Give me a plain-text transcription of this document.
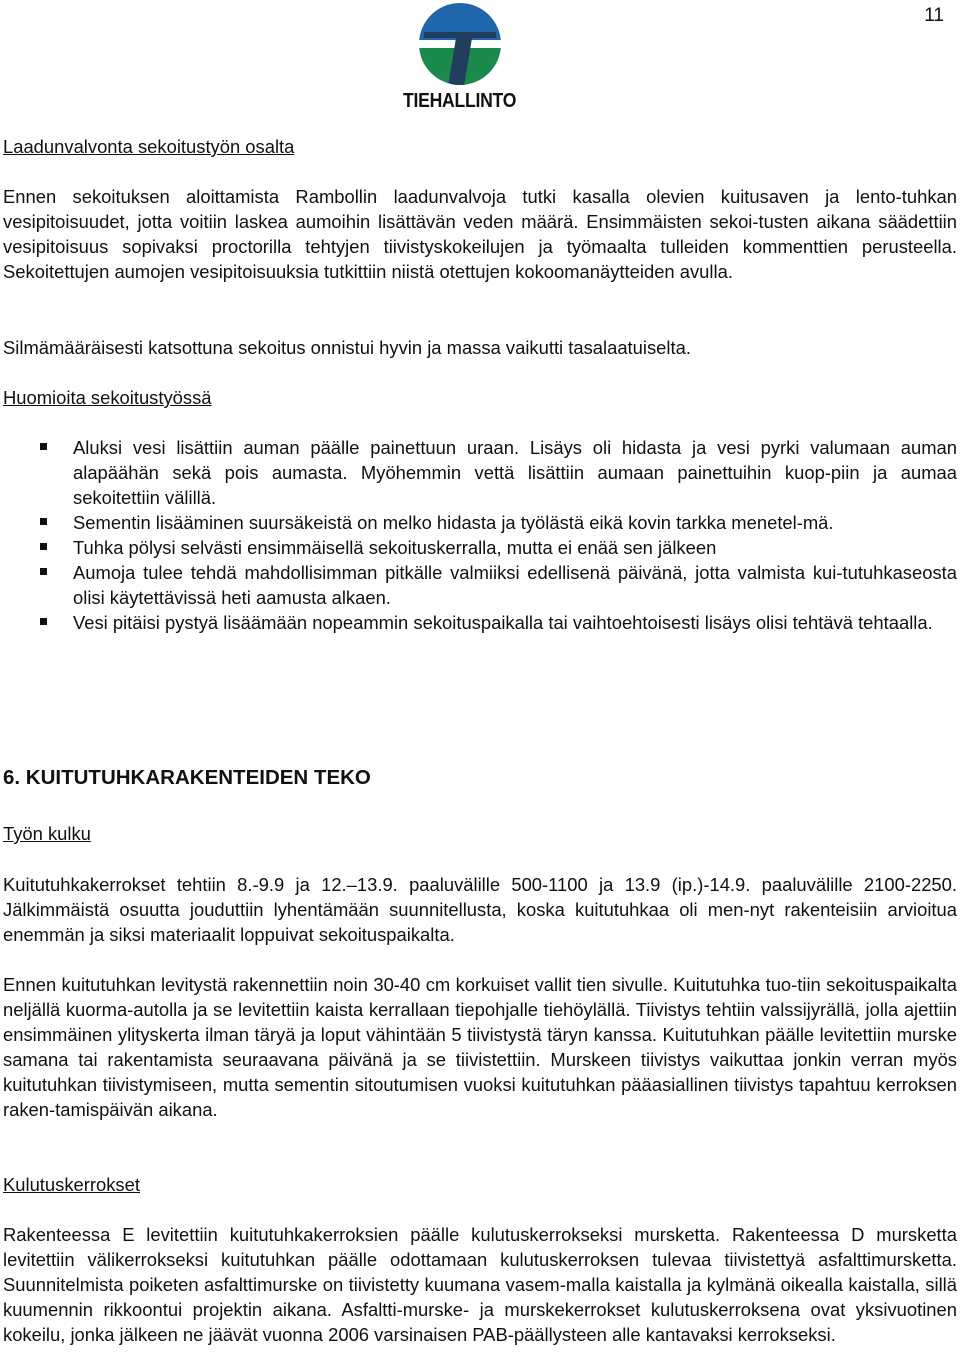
11
TIEHALLINTO
Laadunvalvonta sekoitustyön osalta

Ennen sekoituksen aloittamista Rambollin laadunvalvoja tutki kasalla olevien kuitusaven ja lento-tuhkan vesipitoisuudet, jotta voitiin laskea aumoihin lisättävän veden määrä. Ensimmäisten sekoi-tusten aikana säädettiin vesipitoisuus sopivaksi proctorilla tehtyjen tiivistyskokeilujen ja työmaalta tulleiden kommenttien perusteella. Sekoitettujen aumojen vesipitoisuuksia tutkittiin niistä otettujen kokoomanäytteiden avulla.

Silmämääräisesti katsottuna sekoitus onnistui hyvin ja massa vaikutti tasalaatuiselta.

Huomioita sekoitustyössä
Aluksi vesi lisättiin auman päälle painettuun uraan. Lisäys oli hidasta ja vesi pyrki valumaan auman alapäähän sekä pois aumasta. Myöhemmin vettä lisättiin aumaan painettuihin kuop-piin ja aumaa sekoitettiin välillä.
Sementin lisääminen suursäkeistä on melko hidasta ja työlästä eikä kovin tarkka menetel-mä.
Tuhka pölysi selvästi ensimmäisellä sekoituskerralla, mutta ei enää sen jälkeen
Aumoja tulee tehdä mahdollisimman pitkälle valmiiksi edellisenä päivänä, jotta valmista kui-tutuhkaseosta olisi käytettävissä heti aamusta alkaen.
Vesi pitäisi pystyä lisäämään nopeammin sekoituspaikalla tai vaihtoehtoisesti lisäys olisi tehtävä tehtaalla.
6. KUITUTUHKARAKENTEIDEN TEKO
Työn kulku

Kuitutuhkakerrokset tehtiin 8.-9.9 ja 12.–13.9. paaluvälille 500-1100 ja 13.9 (ip.)-14.9. paaluvälille 2100-2250. Jälkimmäistä osuutta jouduttiin lyhentämään suunnitellusta, koska kuitutuhkaa oli men-nyt rakenteisiin arvioitua enemmän ja siksi materiaalit loppuivat sekoituspaikalta.

Ennen kuitutuhkan levitystä rakennettiin noin 30-40 cm korkuiset vallit tien sivulle. Kuitutuhka tuo-tiin sekoituspaikalta neljällä kuorma-autolla ja se levitettiin kaista kerrallaan tiepohjalle tiehöylällä. Tiivistys tehtiin valssijyrällä, jolla ajettiin ensimmäinen ylityskerta ilman täryä ja loput vähintään 5 tiivistystä täryn kanssa. Kuitutuhkan päälle levitettiin murske samana tai rakentamista seuraavana päivänä ja se tiivistettiin. Murskeen tiivistys vaikuttaa jonkin verran myös kuitutuhkan tiivistymiseen, mutta sementin sitoutumisen vuoksi kuitutuhkan pääasiallinen tiivistys tapahtuu kerroksen raken-tamispäivän aikana.

Kulutuskerrokset

Rakenteessa E levitettiin kuitutuhkakerroksien päälle kulutuskerrokseksi mursketta. Rakenteessa D mursketta levitettiin välikerrokseksi kuitutuhkan päälle odottamaan kulutuskerroksen tulevaa tiivistettyä asfalttimursketta. Suunnitelmista poiketen asfalttimurske on tiivistetty kuumana vasem-malla kaistalla ja kylmänä oikealla kaistalla, sillä kuumennin rikkoontui projektin aikana. Asfaltti-murske- ja murskekerrokset kulutuskerroksena ovat yksivuotinen kokeilu, jonka jälkeen ne jäävät vuonna 2006 varsinaisen PAB-päällysteen alle kantavaksi kerrokseksi.
